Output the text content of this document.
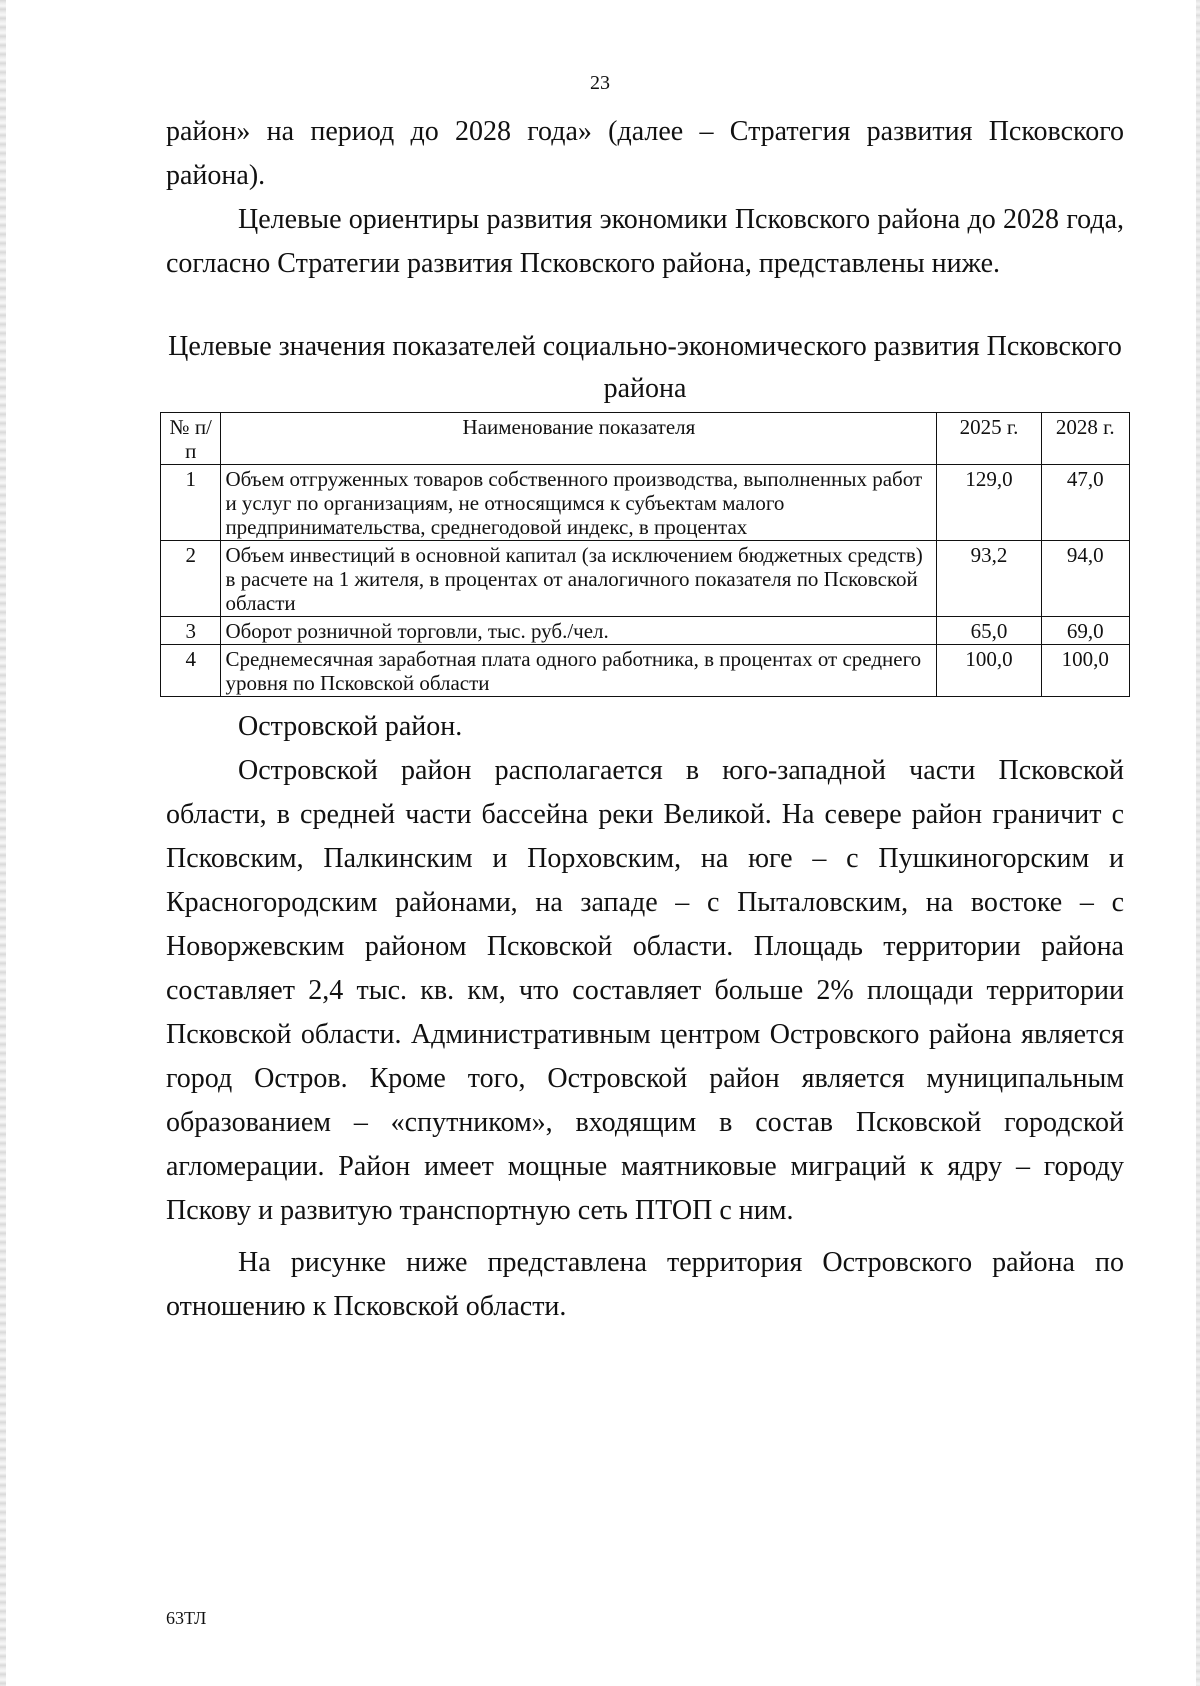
23

район» на период до 2028 года» (далее – Стратегия развития Псковского района).

Целевые ориентиры развития экономики Псковского района до 2028 года, согласно Стратегии развития Псковского района, представлены ниже.

Целевые значения показателей социально-экономического развития Псковского района

№ п/п	Наименование показателя	2025 г.	2028 г.
1	Объем отгруженных товаров собственного производства, выполненных работ и услуг по организациям, не относящимся к субъектам малого предпринимательства, среднегодовой индекс, в процентах	129,0	47,0
2	Объем инвестиций в основной капитал (за исключением бюджетных средств) в расчете на 1 жителя, в процентах от аналогичного показателя по Псковской области	93,2	94,0
3	Оборот розничной торговли, тыс. руб./чел.	65,0	69,0
4	Среднемесячная заработная плата одного работника, в процентах от среднего уровня по Псковской области	100,0	100,0

Островской район.

Островской район располагается в юго-западной части Псковской области, в средней части бассейна реки Великой. На севере район граничит с Псковским, Палкинским и Порховским, на юге – с Пушкиногорским и Красногородским районами, на западе – с Пыталовским, на востоке – с Новоржевским районом Псковской области. Площадь территории района составляет 2,4 тыс. кв. км, что составляет больше 2% площади территории Псковской области. Административным центром Островского района является город Остров. Кроме того, Островской район является муниципальным образованием – «спутником», входящим в состав Псковской городской агломерации. Район имеет мощные маятниковые миграций к ядру – городу Пскову и развитую транспортную сеть ПТОП с ним.

На рисунке ниже представлена территория Островского района по отношению к Псковской области.

63ТЛ
